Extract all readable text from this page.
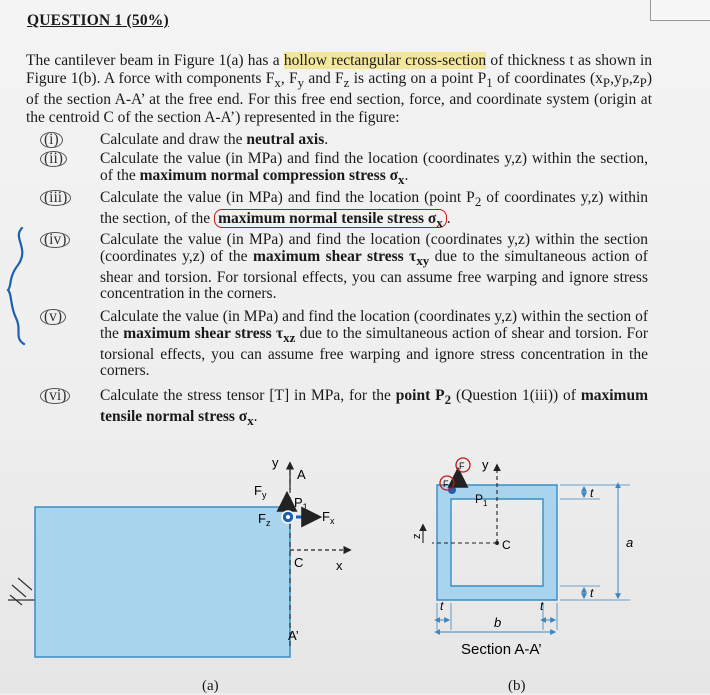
QUESTION 1 (50%)

The cantilever beam in Figure 1(a) has a hollow rectangular cross-section of thickness t as shown in Figure 1(b). A force with components $F_x$, $F_y$ and $F_z$ is acting on a point $P_1$ of coordinates $(x_P,y_P,z_P)$ of the section A-A’ at the free end. For this free end section, force, and coordinate system (origin at the centroid C of the section A-A’) represented in the figure:

(i)	Calculate and draw the neutral axis.
(ii)	Calculate the value (in MPa) and find the location (coordinates y,z) within the section, of the maximum normal compression stress $\sigma_x$.
(iii)	Calculate the value (in MPa) and find the location (point $P_2$ of coordinates y,z) within the section, of the maximum normal tensile stress $\sigma_x$ .
(iv)	Calculate the value (in MPa) and find the location (coordinates y,z) within the section (coordinates y,z) of the maximum shear stress $\tau_{xy}$ due to the simultaneous action of shear and torsion. For torsional effects, you can assume free warping and ignore stress concentration in the corners.
(v)	Calculate the value (in MPa) and find the location (coordinates y,z) within the section of the maximum shear stress $\tau_{xz}$ due to the simultaneous action of shear and torsion. For torsional effects, you can assume free warping and ignore stress concentration in the corners.
(vi)	Calculate the stress tensor [T] in MPa, for the point $P_2$ (Question 1(iii)) of maximum tensile normal stress $\sigma_x$.
y
A
x
$F_y$ $P_1$
$F_z$	$F_x$
C
A’
y
z
C
$P_1$
F
F
t
t
a
t	t
b
Section A-A’
(a)	(b)
